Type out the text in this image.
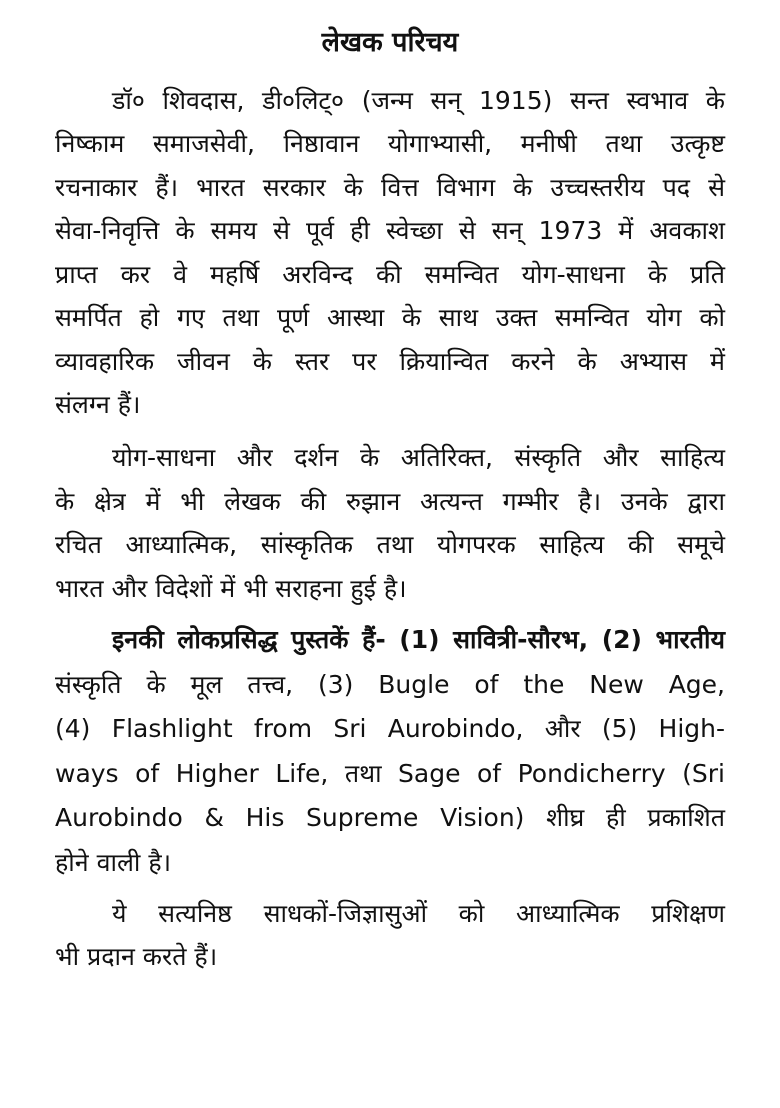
लेखक परिचय
डॉ० शिवदास, डी०लिट्० (जन्म सन् 1915) सन्त स्वभाव के
निष्काम समाजसेवी, निष्ठावान योगाभ्यासी, मनीषी तथा उत्कृष्ट
रचनाकार हैं। भारत सरकार के वित्त विभाग के उच्चस्तरीय पद से
सेवा-निवृत्ति के समय से पूर्व ही स्वेच्छा से सन् 1973 में अवकाश
प्राप्त कर वे महर्षि अरविन्द की समन्वित योग-साधना के प्रति
समर्पित हो गए तथा पूर्ण आस्था के साथ उक्त समन्वित योग को
व्यावहारिक जीवन के स्तर पर क्रियान्वित करने के अभ्यास में
संलग्न हैं।
योग-साधना और दर्शन के अतिरिक्त, संस्कृति और साहित्य
के क्षेत्र में भी लेखक की रुझान अत्यन्त गम्भीर है। उनके द्वारा
रचित आध्यात्मिक, सांस्कृतिक तथा योगपरक साहित्य की समूचे
भारत और विदेशों में भी सराहना हुई है।
इनकी लोकप्रसिद्ध पुस्तकें हैं- (1) सावित्री-सौरभ, (2) भारतीय
संस्कृति के मूल तत्त्व, (3) Bugle of the New Age,
(4) Flashlight from Sri Aurobindo, और (5) High-
ways of Higher Life, तथा Sage of Pondicherry (Sri
Aurobindo & His Supreme Vision) शीघ्र ही प्रकाशित
होने वाली है।
ये सत्यनिष्ठ साधकों-जिज्ञासुओं को आध्यात्मिक प्रशिक्षण
भी प्रदान करते हैं।
